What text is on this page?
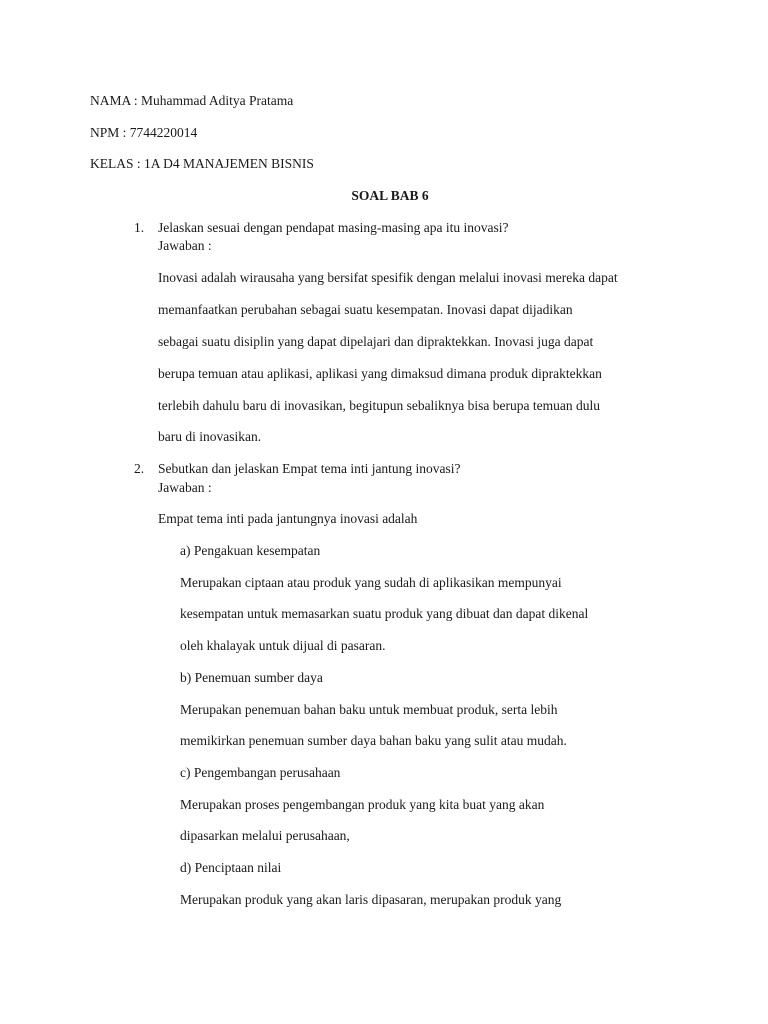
NAMA : Muhammad Aditya Pratama
NPM : 7744220014
KELAS : 1A D4 MANAJEMEN BISNIS
SOAL BAB 6
1. Jelaskan sesuai dengan pendapat masing-masing apa itu inovasi?
Jawaban :
Inovasi adalah wirausaha yang bersifat spesifik dengan melalui inovasi mereka dapat
memanfaatkan perubahan sebagai suatu kesempatan. Inovasi dapat dijadikan
sebagai suatu disiplin yang dapat dipelajari dan dipraktekkan. Inovasi juga dapat
berupa temuan atau aplikasi, aplikasi yang dimaksud dimana produk dipraktekkan
terlebih dahulu baru di inovasikan, begitupun sebaliknya bisa berupa temuan dulu
baru di inovasikan.
2. Sebutkan dan jelaskan Empat tema inti jantung inovasi?
Jawaban :
Empat tema inti pada jantungnya inovasi adalah
a) Pengakuan kesempatan
Merupakan ciptaan atau produk yang sudah di aplikasikan mempunyai
kesempatan untuk memasarkan suatu produk yang dibuat dan dapat dikenal
oleh khalayak untuk dijual di pasaran.
b) Penemuan sumber daya
Merupakan penemuan bahan baku untuk membuat produk, serta lebih
memikirkan penemuan sumber daya bahan baku yang sulit atau mudah.
c) Pengembangan perusahaan
Merupakan proses pengembangan produk yang kita buat yang akan
dipasarkan melalui perusahaan,
d) Penciptaan nilai
Merupakan produk yang akan laris dipasaran, merupakan produk yang
